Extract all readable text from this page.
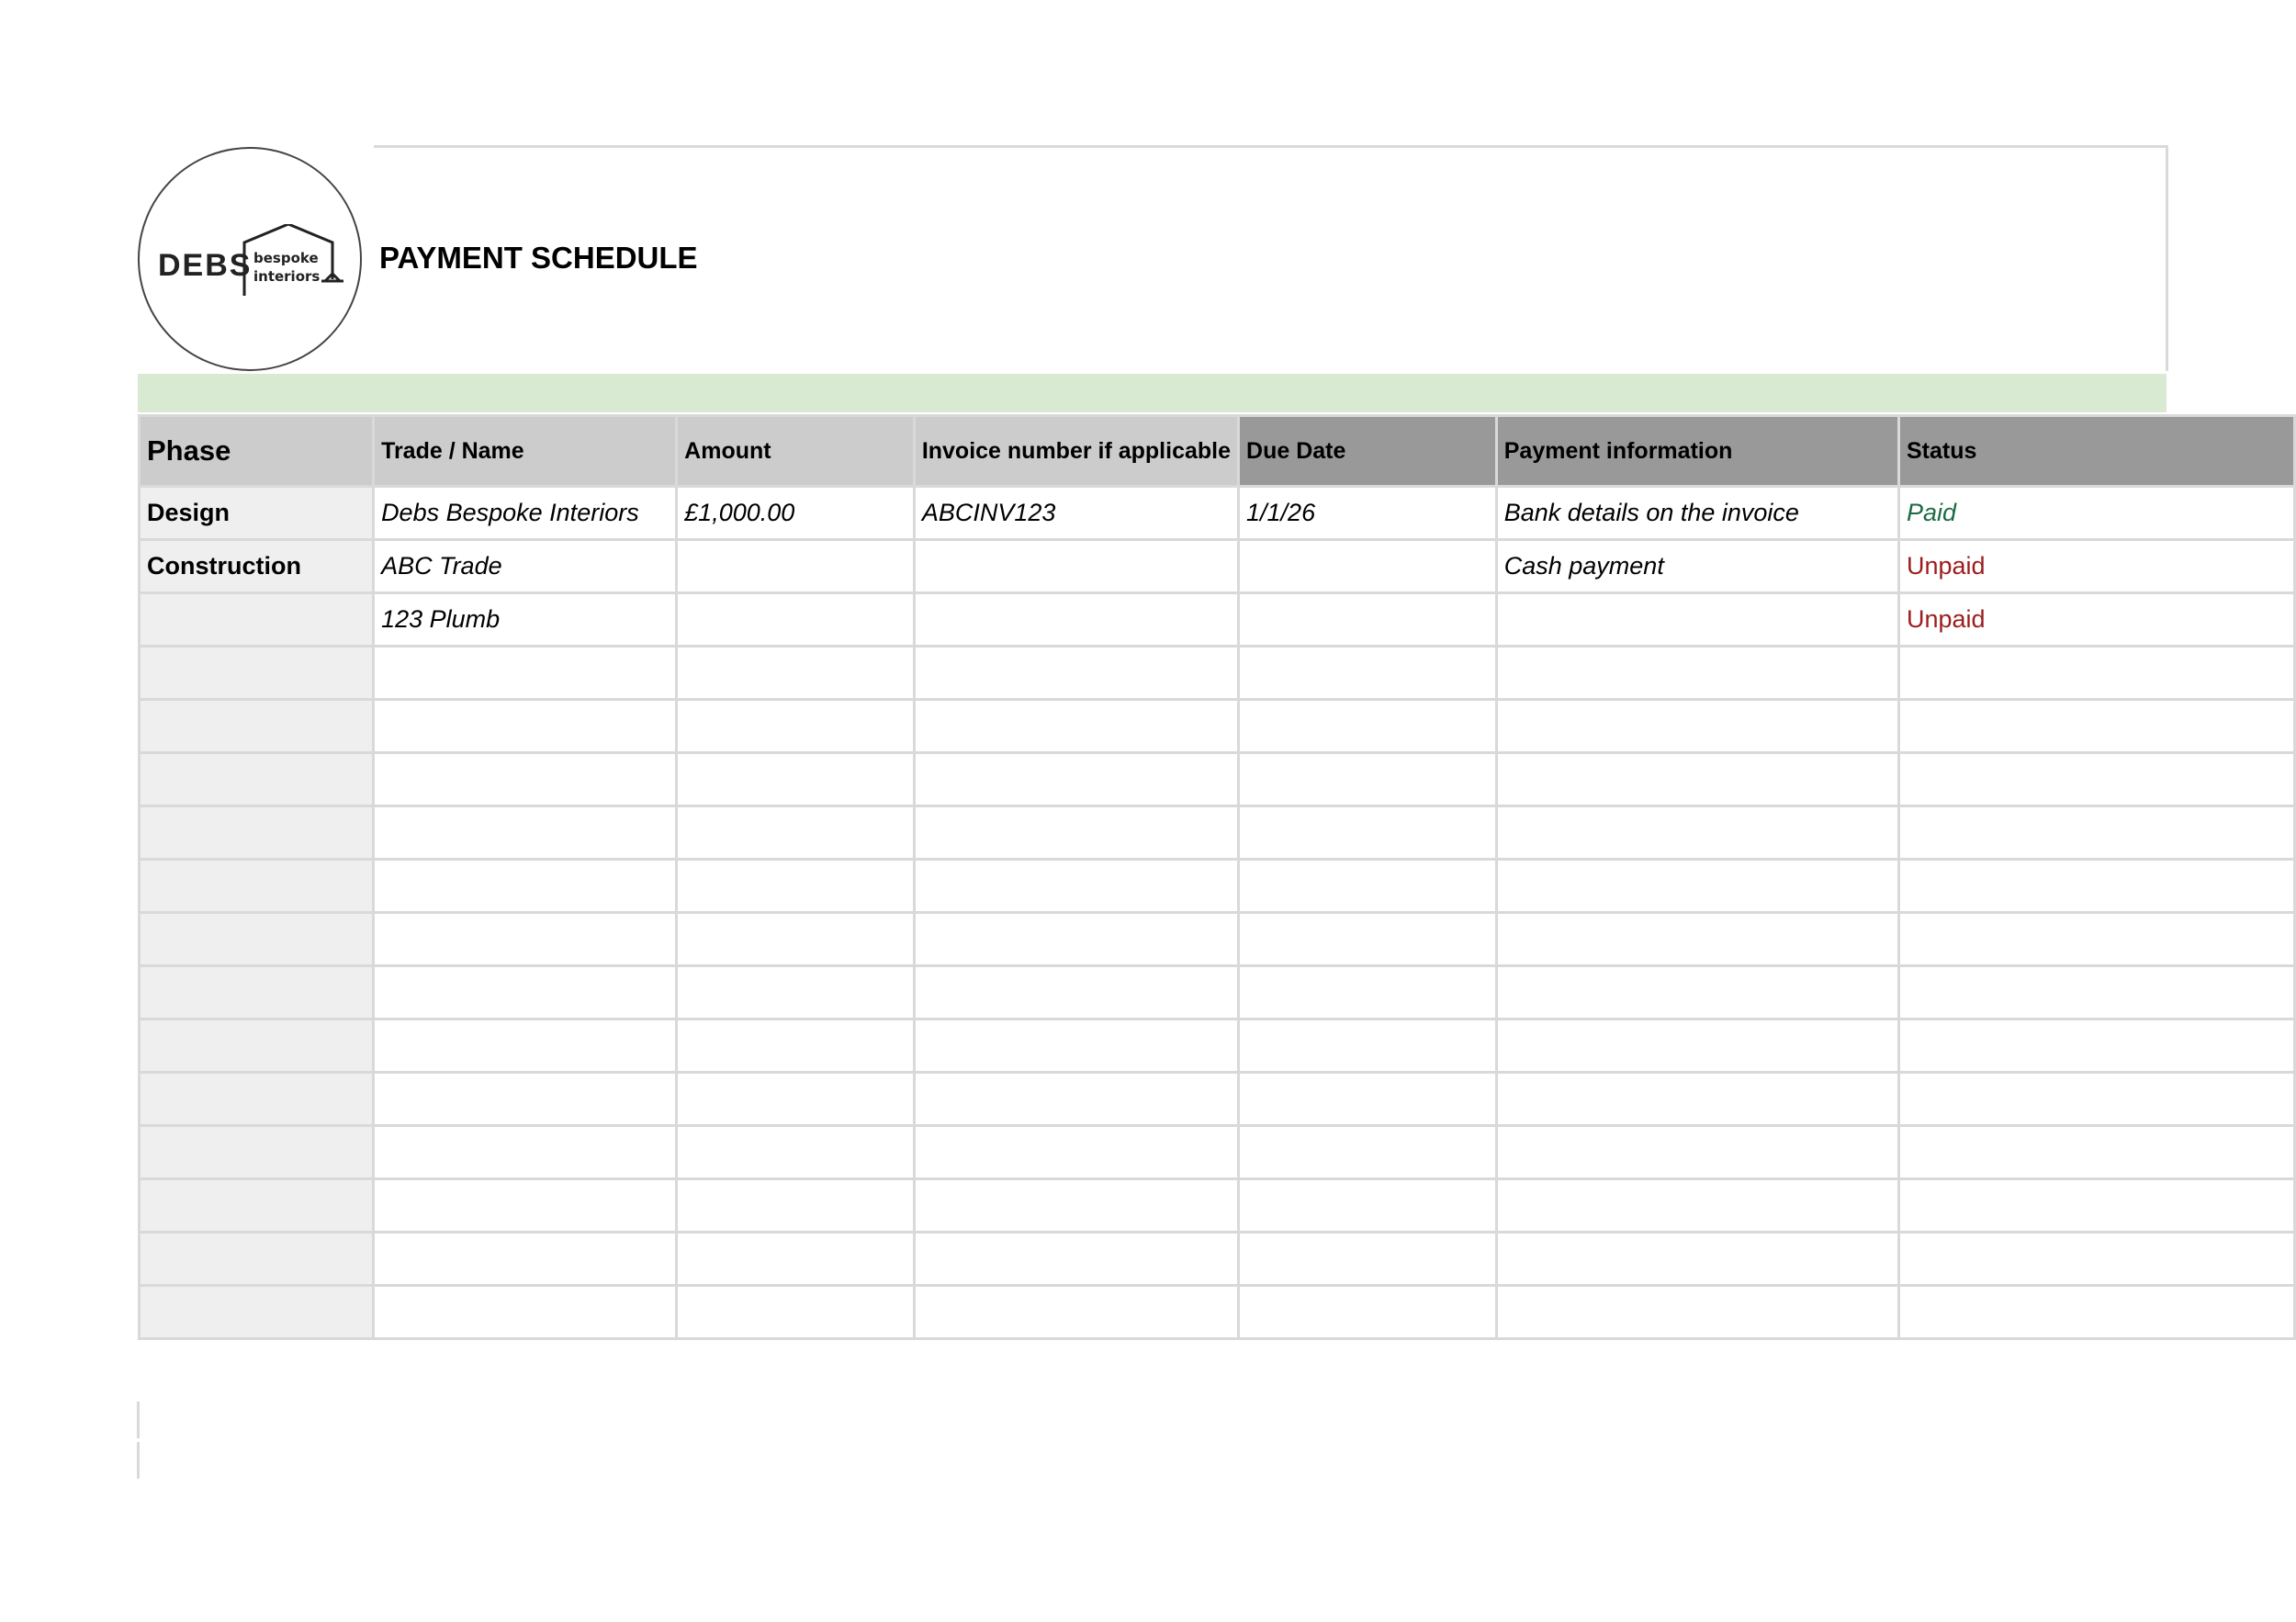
DEBS bespoke
interiors
PAYMENT SCHEDULE
Phase	Trade / Name	Amount	Invoice number if applicable	Due Date	Payment information	Status
Design	Debs Bespoke Interiors	£1,000.00	ABCINV123	1/1/26	Bank details on the invoice	Paid
Construction	ABC Trade				Cash payment	Unpaid
	123 Plumb					Unpaid
